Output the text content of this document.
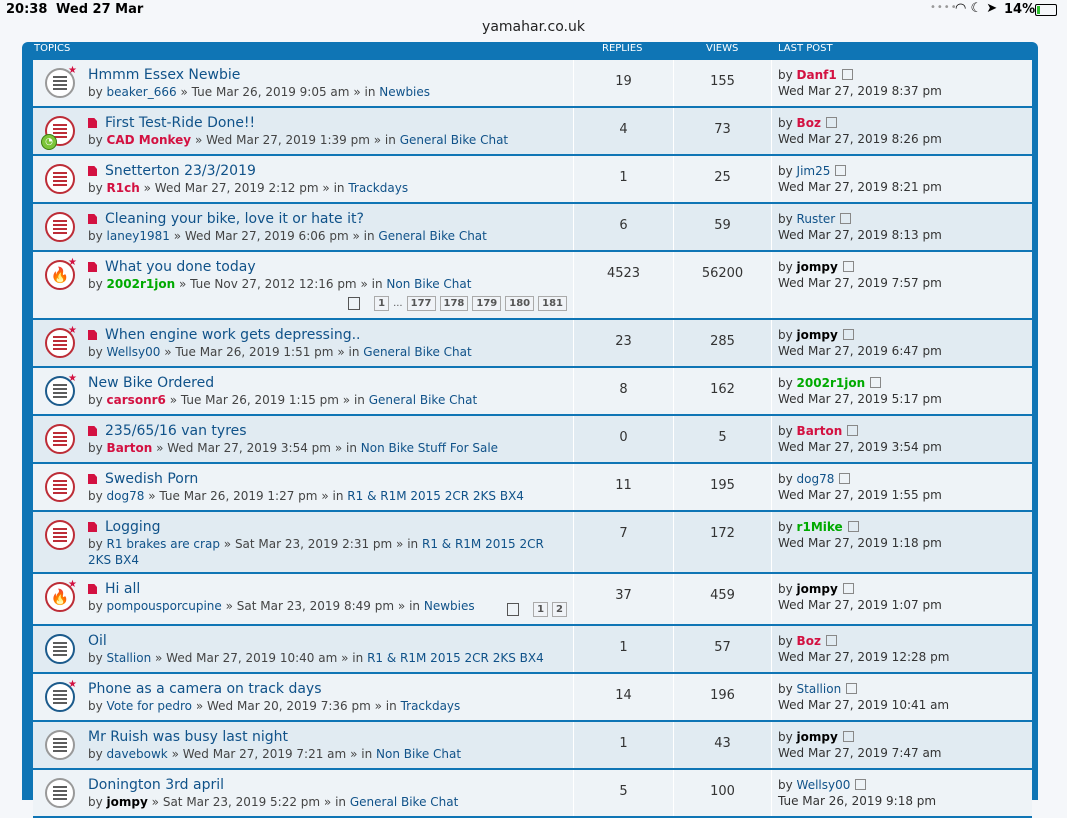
20:38 Wed 27 Mar	••••
◠ ☾ ➤ 14%
yamahar.co.uk
TOPICS	REPLIES	VIEWS	LAST POST
★ Hmmm Essex Newbie
by beaker_666 » Tue Mar 26, 2019 9:05 am » in Newbies
19	155	by Danf1
Wed Mar 27, 2019 8:37 pm
◔
First Test-Ride Done!!
by CAD Monkey » Wed Mar 27, 2019 1:39 pm » in General Bike Chat
4	73	by Boz
Wed Mar 27, 2019 8:26 pm
Snetterton 23/3/2019
by R1ch » Wed Mar 27, 2019 2:12 pm » in Trackdays
1	25	by Jim25
Wed Mar 27, 2019 8:21 pm
Cleaning your bike, love it or hate it?
by laney1981 » Wed Mar 27, 2019 6:06 pm » in General Bike Chat
6	59	by Ruster
Wed Mar 27, 2019 8:13 pm
🔥
★	What you done today
by 2002r1jon » Tue Nov 27, 2012 12:16 pm » in Non Bike Chat
1 ... 177	178	179	180	181
4523	56200	by jompy
Wed Mar 27, 2019 7:57 pm
★	When engine work gets depressing..
by Wellsy00 » Tue Mar 26, 2019 1:51 pm » in General Bike Chat
23	285	by jompy
Wed Mar 27, 2019 6:47 pm
★ New Bike Ordered
by carsonr6 » Tue Mar 26, 2019 1:15 pm » in General Bike Chat
8	162	by 2002r1jon
Wed Mar 27, 2019 5:17 pm
235/65/16 van tyres
by Barton » Wed Mar 27, 2019 3:54 pm » in Non Bike Stuff For Sale
0	5	by Barton
Wed Mar 27, 2019 3:54 pm
Swedish Porn
by dog78 » Tue Mar 26, 2019 1:27 pm » in R1 & R1M 2015 2CR 2KS BX4
11	195	by dog78
Wed Mar 27, 2019 1:55 pm
Logging
by R1 brakes are crap » Sat Mar 23, 2019 2:31 pm » in R1 & R1M 2015 2CR 2KS BX4
7	172	by r1Mike
Wed Mar 27, 2019 1:18 pm
🔥
★	Hi all
by pompousporcupine » Sat Mar 23, 2019 8:49 pm » in Newbies	1	2
37	459	by jompy
Wed Mar 27, 2019 1:07 pm
Oil
by Stallion » Wed Mar 27, 2019 10:40 am » in R1 & R1M 2015 2CR 2KS BX4
1	57	by Boz
Wed Mar 27, 2019 12:28 pm
★ Phone as a camera on track days
by Vote for pedro » Wed Mar 20, 2019 7:36 pm » in Trackdays
14	196	by Stallion
Wed Mar 27, 2019 10:41 am
Mr Ruish was busy last night
by davebowk » Wed Mar 27, 2019 7:21 am » in Non Bike Chat
1	43	by jompy
Wed Mar 27, 2019 7:47 am
Donington 3rd april
by jompy » Sat Mar 23, 2019 5:22 pm » in General Bike Chat
5	100	by Wellsy00
Tue Mar 26, 2019 9:18 pm
